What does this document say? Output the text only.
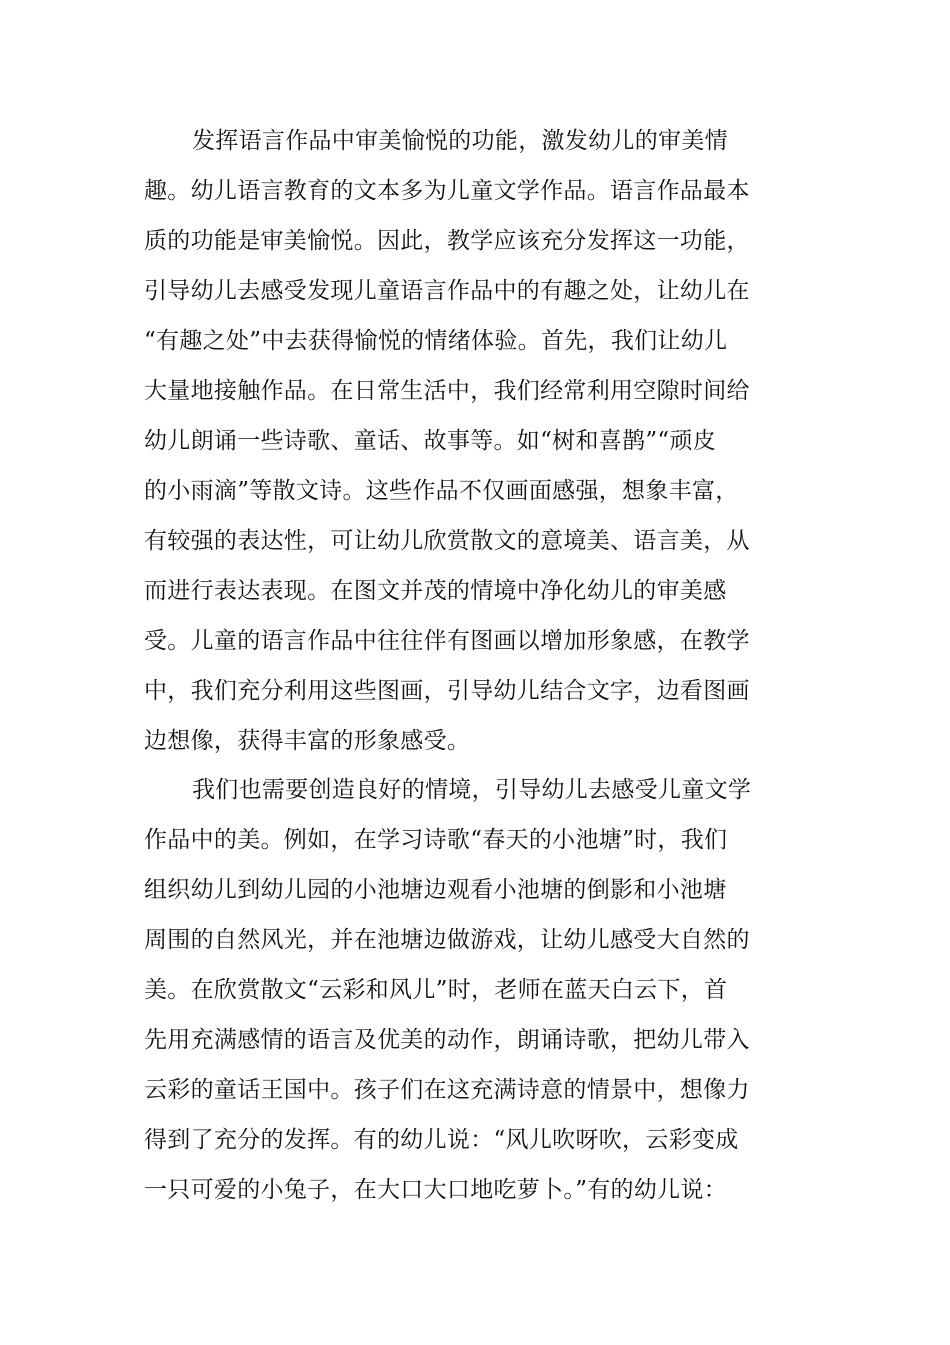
发挥语言作品中审美愉悦的功能，激发幼儿的审美情
趣。幼儿语言教育的文本多为儿童文学作品。语言作品最本
质的功能是审美愉悦。因此，教学应该充分发挥这一功能，
引导幼儿去感受发现儿童语言作品中的有趣之处，让幼儿在
“有趣之处”中去获得愉悦的情绪体验。首先，我们让幼儿
大量地接触作品。在日常生活中，我们经常利用空隙时间给
幼儿朗诵一些诗歌、童话、故事等。如“树和喜鹊”“顽皮
的小雨滴”等散文诗。这些作品不仅画面感强，想象丰富，
有较强的表达性，可让幼儿欣赏散文的意境美、语言美，从
而进行表达表现。在图文并茂的情境中净化幼儿的审美感
受。儿童的语言作品中往往伴有图画以增加形象感，在教学
中，我们充分利用这些图画，引导幼儿结合文字，边看图画
边想像，获得丰富的形象感受。
我们也需要创造良好的情境，引导幼儿去感受儿童文学
作品中的美。例如，在学习诗歌“春天的小池塘”时，我们
组织幼儿到幼儿园的小池塘边观看小池塘的倒影和小池塘
周围的自然风光，并在池塘边做游戏，让幼儿感受大自然的
美。在欣赏散文“云彩和风儿”时，老师在蓝天白云下，首
先用充满感情的语言及优美的动作，朗诵诗歌，把幼儿带入
云彩的童话王国中。孩子们在这充满诗意的情景中，想像力
得到了充分的发挥。有的幼儿说：“风儿吹呀吹，云彩变成
一只可爱的小兔子，在大口大口地吃萝卜。”有的幼儿说：
